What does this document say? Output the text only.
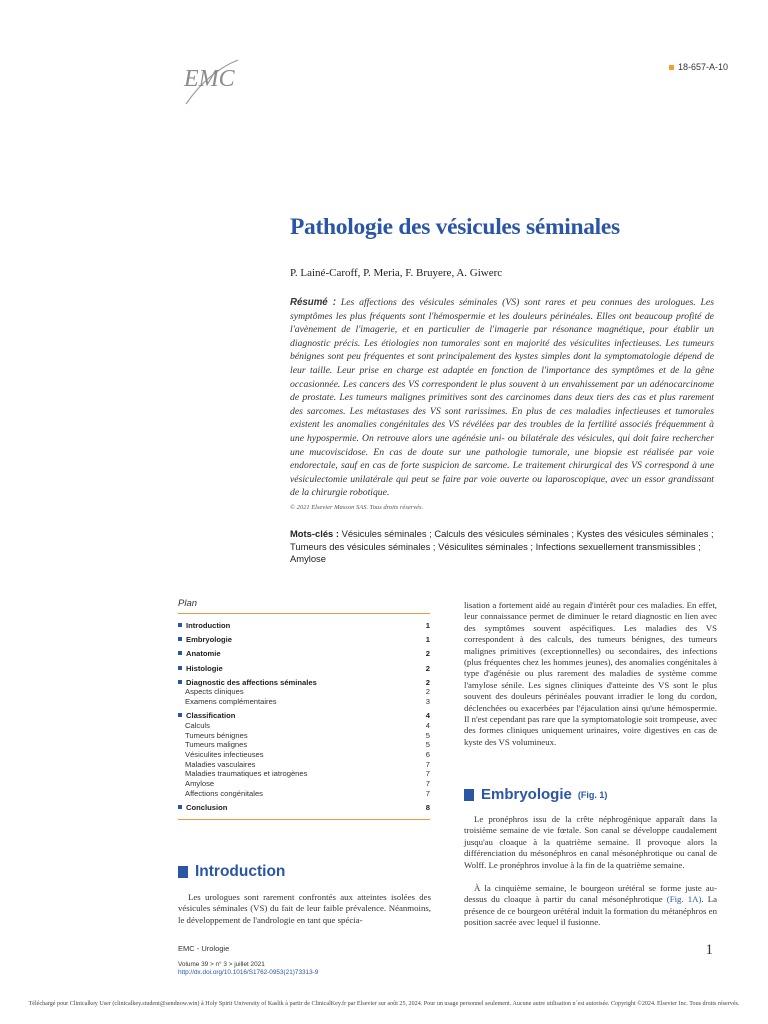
EMC	18-657-A-10
Pathologie des vésicules séminales
P. Lainé-Caroff, P. Meria, F. Bruyere, A. Giwerc

Résumé : Les affections des vésicules séminales (VS) sont rares et peu connues des urologues. Les symptômes les plus fréquents sont l'hémospermie et les douleurs périnéales. Elles ont beaucoup profité de l'avènement de l'imagerie, et en particulier de l'imagerie par résonance magnétique, pour établir un diagnostic précis. Les étiologies non tumorales sont en majorité des vésiculites infectieuses. Les tumeurs bénignes sont peu fréquentes et sont principalement des kystes simples dont la symptomatologie dépend de leur taille. Leur prise en charge est adaptée en fonction de l'importance des symptômes et de la gêne occasionnée. Les cancers des VS correspondent le plus souvent à un envahissement par un adénocarcinome de prostate. Les tumeurs malignes primitives sont des carcinomes dans deux tiers des cas et plus rarement des sarcomes. Les métastases des VS sont rarissimes. En plus de ces maladies infectieuses et tumorales existent les anomalies congénitales des VS révélées par des troubles de la fertilité associés fréquemment à une hypospermie. On retrouve alors une agénésie uni- ou bilatérale des vésicules, qui doit faire rechercher une mucoviscidose. En cas de doute sur une pathologie tumorale, une biopsie est réalisée par voie endorectale, sauf en cas de forte suspicion de sarcome. Le traitement chirurgical des VS correspond à une vésiculectomie unilatérale qui peut se faire par voie ouverte ou laparoscopique, avec un essor grandissant de la chirurgie robotique.

© 2021 Elsevier Masson SAS. Tous droits réservés.

Mots-clés : Vésicules séminales ; Calculs des vésicules séminales ; Kystes des vésicules séminales ; Tumeurs des vésicules séminales ; Vésiculites séminales ; Infections sexuellement transmissibles ; Amylose

Plan
Introduction	1
Embryologie	1
Anatomie	2
Histologie	2
Diagnostic des affections séminales	2
Aspects cliniques	2
Examens complémentaires	3
Classification	4
Calculs	4
Tumeurs bénignes	5
Tumeurs malignes	5
Vésiculites infectieuses	6
Maladies vasculaires	7
Maladies traumatiques et iatrogènes	7
Amylose	7
Affections congénitales	7
Conclusion	8
Introduction

Les urologues sont rarement confrontés aux atteintes isolées des vésicules séminales (VS) du fait de leur faible prévalence. Néanmoins, le développement de l'andrologie en tant que spécia-

lisation a fortement aidé au regain d'intérêt pour ces maladies. En effet, leur connaissance permet de diminuer le retard diagnostic en lien avec des symptômes souvent aspécifiques. Les maladies des VS correspondent à des calculs, des tumeurs bénignes, des tumeurs malignes primitives (exceptionnelles) ou secondaires, des infections (plus fréquentes chez les hommes jeunes), des anomalies congénitales à type d'agénésie ou plus rarement des maladies de système comme l'amylose sénile. Les signes cliniques d'atteinte des VS sont le plus souvent des douleurs périnéales pouvant irradier le long du cordon, déclenchées ou exacerbées par l'éjaculation ainsi qu'une hémospermie. Il n'est cependant pas rare que la symptomatologie soit trompeuse, avec des formes cliniques uniquement urinaires, voire digestives en cas de kyste des VS volumineux.

Embryologie (Fig. 1)

Le pronéphros issu de la crête néphrogénique apparaît dans la troisième semaine de vie fœtale. Son canal se développe caudalement jusqu'au cloaque à la quatrième semaine. Il provoque alors la différenciation du mésonéphros en canal mésonéphrotique ou canal de Wolff. Le pronéphros involue à la fin de la quatrième semaine.

À la cinquième semaine, le bourgeon urétéral se forme juste au-dessus du cloaque à partir du canal mésonéphrotique (Fig. 1A). La présence de ce bourgeon urétéral induit la formation du métanéphros en position sacrée avec lequel il fusionne.

EMC - Urologie
Volume 39 > n° 3 > juillet 2021
http://dx.doi.org/10.1016/S1762-0953(21)73313-9
1
Téléchargé pour Clinicalkey User (clinicalkey.student@sendnow.win) à Holy Spirit University of Kaslik à partir de ClinicalKey.fr par Elsevier sur août 25, 2024. Pour un usage personnel seulement. Aucune autre utilisation n´est autorisée. Copyright ©2024. Elsevier Inc. Tous droits réservés.
